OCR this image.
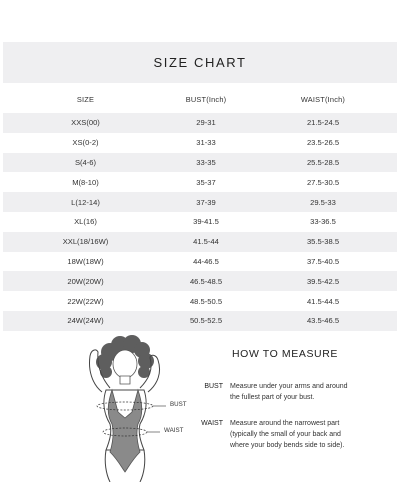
SIZE CHART
SIZE	BUST(Inch)	WAIST(Inch)
XXS(00)	29-31	21.5-24.5
XS(0-2)	31-33	23.5-26.5
S(4-6)	33-35	25.5-28.5
M(8-10)	35-37	27.5-30.5
L(12-14)	37-39	29.5-33
XL(16)	39-41.5	33-36.5
XXL(18/16W)	41.5-44	35.5-38.5
18W(18W)	44-46.5	37.5-40.5
20W(20W)	46.5-48.5	39.5-42.5
22W(22W)	48.5-50.5	41.5-44.5
24W(24W)	50.5-52.5	43.5-46.5
BUST
WAIST
HOW TO MEASURE
BUST Measure under your arms and around
the fullest part of your bust.
WAIST Measure around the narrowest part
(typically the small of your back and
where your body bends side to side).
